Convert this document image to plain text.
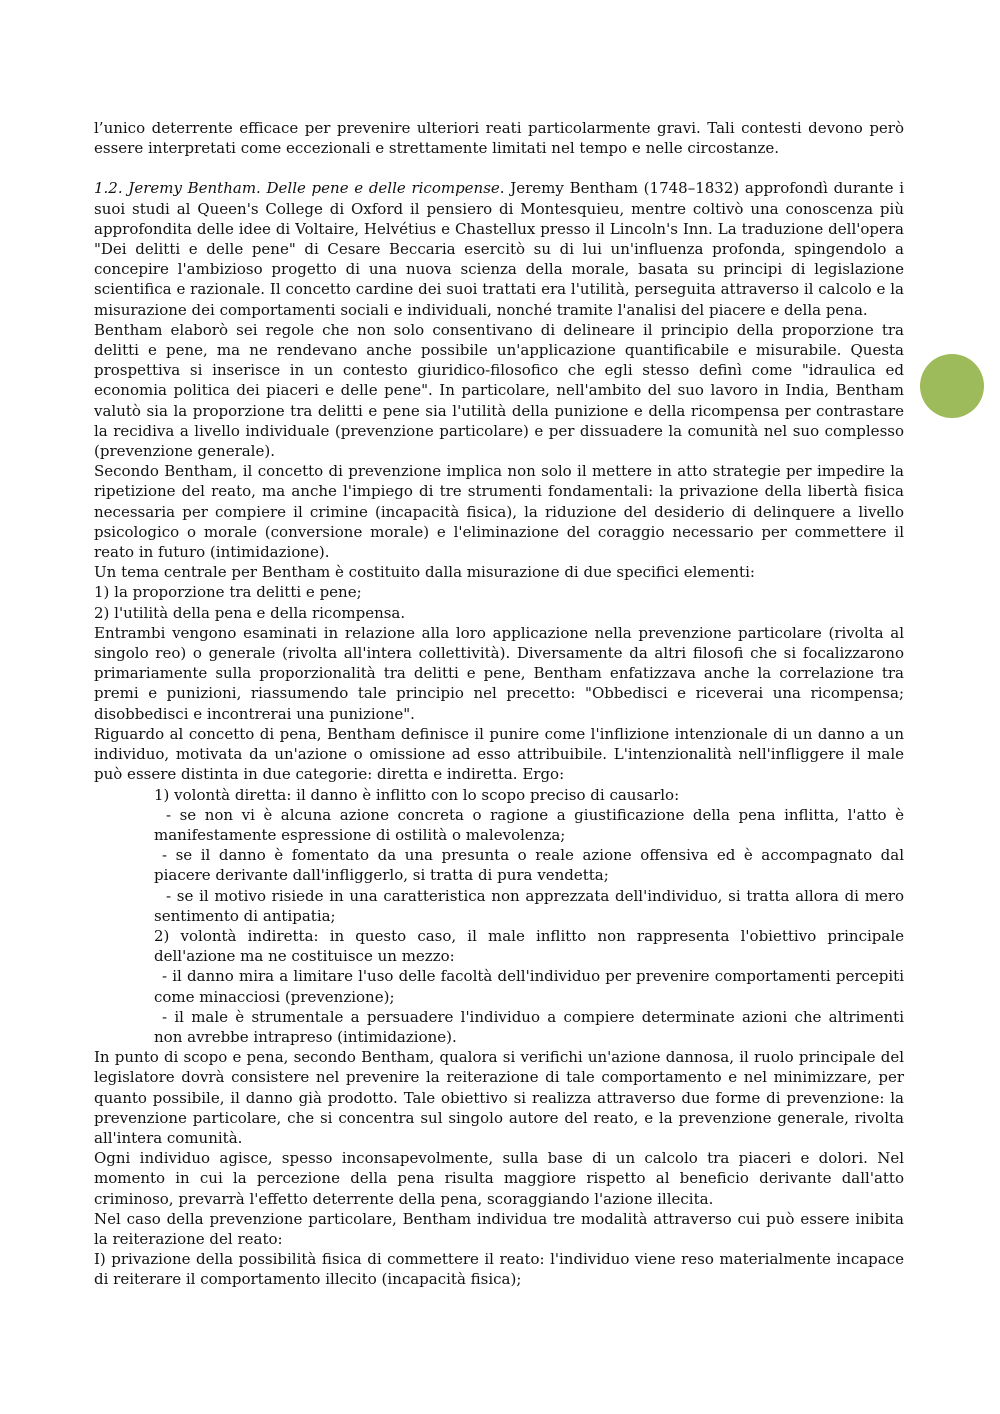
l’unico deterrente efficace per prevenire ulteriori reati particolarmente gravi. Tali contesti devono però essere interpretati come eccezionali e strettamente limitati nel tempo e nelle circostanze.

1.2. Jeremy Bentham. Delle pene e delle ricompense. Jeremy Bentham (1748–1832) approfondì durante i suoi studi al Queen's College di Oxford il pensiero di Montesquieu, mentre coltivò una conoscenza più approfondita delle idee di Voltaire, Helvétius e Chastellux presso il Lincoln's Inn. La traduzione dell'opera "Dei delitti e delle pene" di Cesare Beccaria esercitò su di lui un'influenza profonda, spingendolo a concepire l'ambizioso progetto di una nuova scienza della morale, basata su principi di legislazione scientifica e razionale. Il concetto cardine dei suoi trattati era l'utilità, perseguita attraverso il calcolo e la misurazione dei comportamenti sociali e individuali, nonché tramite l'analisi del piacere e della pena.

Bentham elaborò sei regole che non solo consentivano di delineare il principio della proporzione tra delitti e pene, ma ne rendevano anche possibile un'applicazione quantificabile e misurabile. Questa prospettiva si inserisce in un contesto giuridico-filosofico che egli stesso definì come "idraulica ed economia politica dei piaceri e delle pene". In particolare, nell'ambito del suo lavoro in India, Bentham valutò sia la proporzione tra delitti e pene sia l'utilità della punizione e della ricompensa per contrastare la recidiva a livello individuale (prevenzione particolare) e per dissuadere la comunità nel suo complesso (prevenzione generale).

Secondo Bentham, il concetto di prevenzione implica non solo il mettere in atto strategie per impedire la ripetizione del reato, ma anche l'impiego di tre strumenti fondamentali: la privazione della libertà fisica necessaria per compiere il crimine (incapacità fisica), la riduzione del desiderio di delinquere a livello psicologico o morale (conversione morale) e l'eliminazione del coraggio necessario per commettere il reato in futuro (intimidazione).

Un tema centrale per Bentham è costituito dalla misurazione di due specifici elementi:

1) la proporzione tra delitti e pene;

2) l'utilità della pena e della ricompensa.

Entrambi vengono esaminati in relazione alla loro applicazione nella prevenzione particolare (rivolta al singolo reo) o generale (rivolta all'intera collettività). Diversamente da altri filosofi che si focalizzarono primariamente sulla proporzionalità tra delitti e pene, Bentham enfatizzava anche la correlazione tra premi e punizioni, riassumendo tale principio nel precetto: "Obbedisci e riceverai una ricompensa; disobbedisci e incontrerai una punizione".

Riguardo al concetto di pena, Bentham definisce il punire come l'inflizione intenzionale di un danno a un individuo, motivata da un'azione o omissione ad esso attribuibile. L'intenzionalità nell'infliggere il male può essere distinta in due categorie: diretta e indiretta. Ergo:

1) volontà diretta: il danno è inflitto con lo scopo preciso di causarlo:

- se non vi è alcuna azione concreta o ragione a giustificazione della pena inflitta, l'atto è manifestamente espressione di ostilità o malevolenza;

- se il danno è fomentato da una presunta o reale azione offensiva ed è accompagnato dal piacere derivante dall'infliggerlo, si tratta di pura vendetta;

- se il motivo risiede in una caratteristica non apprezzata dell'individuo, si tratta allora di mero sentimento di antipatia;

2) volontà indiretta: in questo caso, il male inflitto non rappresenta l'obiettivo principale dell'azione ma ne costituisce un mezzo:

- il danno mira a limitare l'uso delle facoltà dell'individuo per prevenire comportamenti percepiti come minacciosi (prevenzione);

- il male è strumentale a persuadere l'individuo a compiere determinate azioni che altrimenti non avrebbe intrapreso (intimidazione).

In punto di scopo e pena, secondo Bentham, qualora si verifichi un'azione dannosa, il ruolo principale del legislatore dovrà consistere nel prevenire la reiterazione di tale comportamento e nel minimizzare, per quanto possibile, il danno già prodotto. Tale obiettivo si realizza attraverso due forme di prevenzione: la prevenzione particolare, che si concentra sul singolo autore del reato, e la prevenzione generale, rivolta all'intera comunità.

Ogni individuo agisce, spesso inconsapevolmente, sulla base di un calcolo tra piaceri e dolori. Nel momento in cui la percezione della pena risulta maggiore rispetto al beneficio derivante dall'atto criminoso, prevarrà l'effetto deterrente della pena, scoraggiando l'azione illecita.

Nel caso della prevenzione particolare, Bentham individua tre modalità attraverso cui può essere inibita la reiterazione del reato:

I) privazione della possibilità fisica di commettere il reato: l'individuo viene reso materialmente incapace di reiterare il comportamento illecito (incapacità fisica);
